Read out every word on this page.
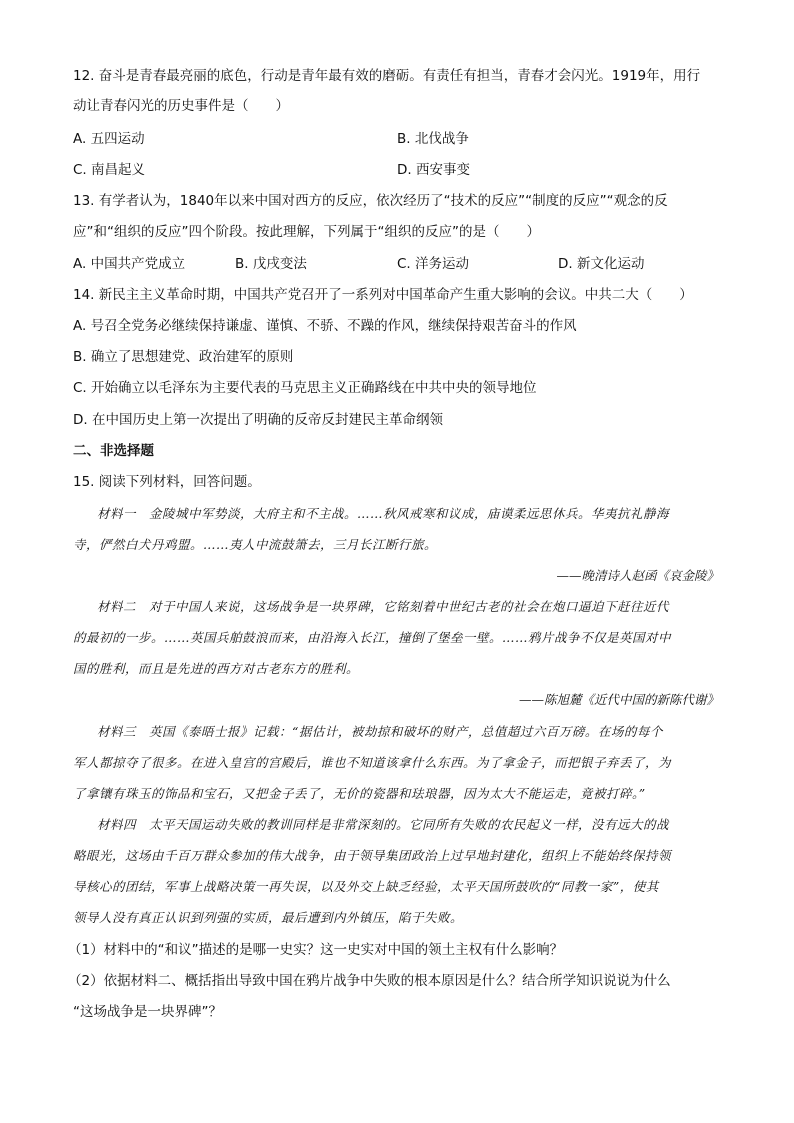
12. 奋斗是青春最亮丽的底色，行动是青年最有效的磨砺。有责任有担当，青春才会闪光。1919年，用行
动让青春闪光的历史事件是（　　）
A. 五四运动	B. 北伐战争
C. 南昌起义	D. 西安事变
13. 有学者认为，1840年以来中国对西方的反应，依次经历了“技术的反应”“制度的反应”“观念的反
应”和“组织的反应”四个阶段。按此理解，下列属于“组织的反应”的是（　　）
A. 中国共产党成立	B. 戊戌变法	C. 洋务运动	D. 新文化运动
14. 新民主主义革命时期，中国共产党召开了一系列对中国革命产生重大影响的会议。中共二大（　　）
A. 号召全党务必继续保持谦虚、谨慎、不骄、不躁的作风，继续保持艰苦奋斗的作风
B. 确立了思想建党、政治建军的原则
C. 开始确立以毛泽东为主要代表的马克思主义正确路线在中共中央的领导地位
D. 在中国历史上第一次提出了明确的反帝反封建民主革命纲领
二、非选择题
15. 阅读下列材料，回答问题。
材料一　金陵城中军势淡，大府主和不主战。……秋风戒寒和议成，庙谟柔远思休兵。华夷抗礼静海
寺，俨然白犬丹鸡盟。……夷人中流鼓箫去，三月长江断行旅。
——晚清诗人赵函《哀金陵》
材料二　对于中国人来说，这场战争是一块界碑，它铭刻着中世纪古老的社会在炮口逼迫下赶往近代
的最初的一步。……英国兵舶鼓浪而来，由沿海入长江，撞倒了堡垒一壁。……鸦片战争不仅是英国对中
国的胜利，而且是先进的西方对古老东方的胜利。
——陈旭麓《近代中国的新陈代谢》
材料三　英国《泰晤士报》记载：“据估计，被劫掠和破坏的财产，总值超过六百万磅。在场的每个
军人都掠夺了很多。在进入皇宫的宫殿后，谁也不知道该拿什么东西。为了拿金子，而把银子弃丢了，为
了拿镶有珠玉的饰品和宝石，又把金子丢了，无价的瓷器和珐琅器，因为太大不能运走，竟被打碎。”
材料四　太平天国运动失败的教训同样是非常深刻的。它同所有失败的农民起义一样，没有远大的战
略眼光，这场由千百万群众参加的伟大战争，由于领导集团政治上过早地封建化，组织上不能始终保持领
导核心的团结，军事上战略决策一再失误，以及外交上缺乏经验，太平天国所鼓吹的“同教一家”，使其
领导人没有真正认识到列强的实质，最后遭到内外镇压，陷于失败。
（1）材料中的“和议”描述的是哪一史实？这一史实对中国的领土主权有什么影响？
（2）依据材料二、概括指出导致中国在鸦片战争中失败的根本原因是什么？结合所学知识说说为什么
“这场战争是一块界碑”？
